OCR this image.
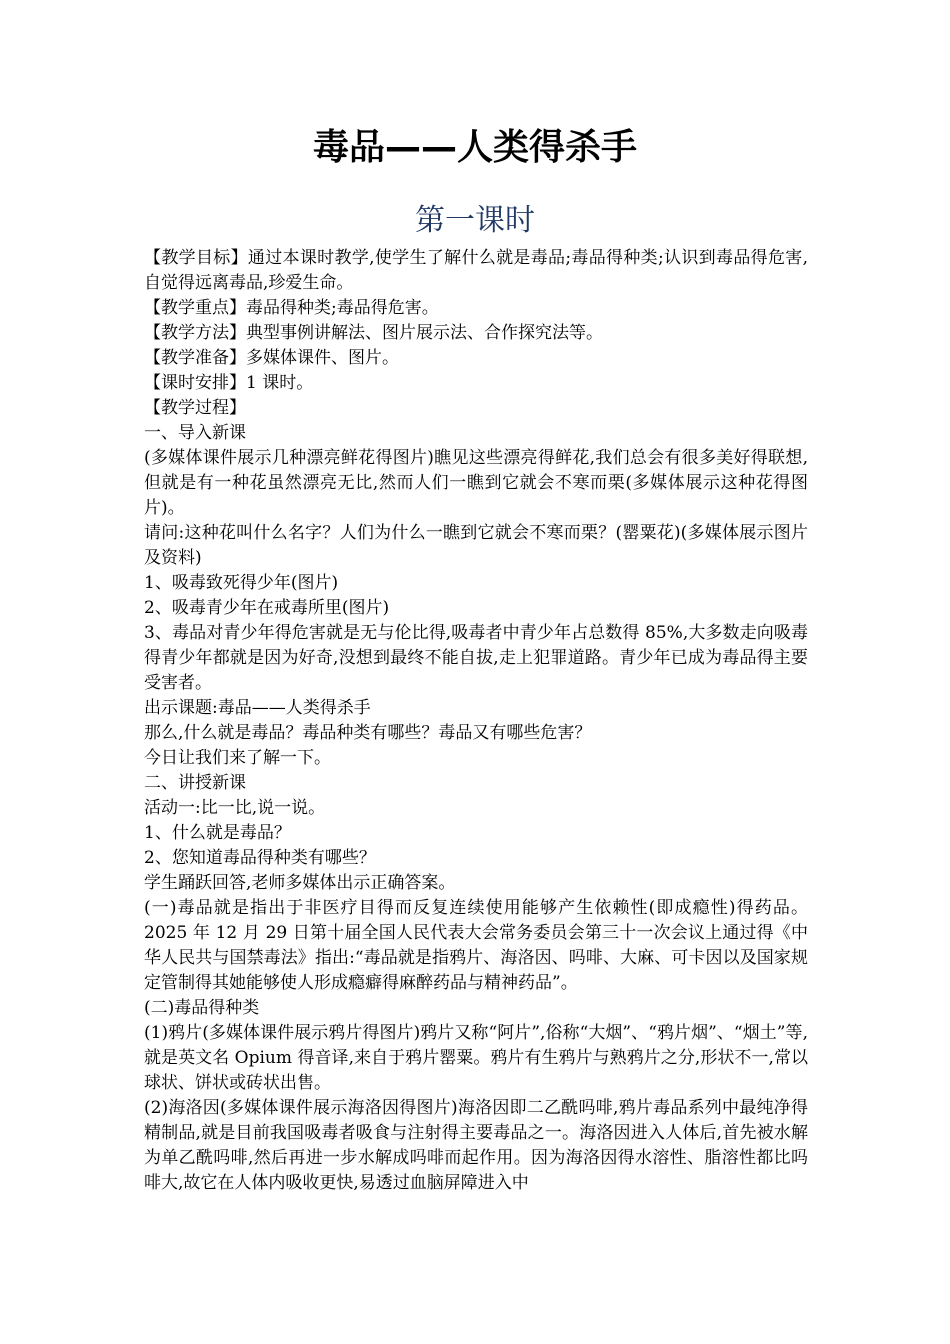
毒品——人类得杀手
第一课时

【教学目标】通过本课时教学,使学生了解什么就是毒品;毒品得种类;认识到毒品得危害,自觉得远离毒品,珍爱生命。

【教学重点】毒品得种类;毒品得危害。

【教学方法】典型事例讲解法、图片展示法、合作探究法等。

【教学准备】多媒体课件、图片。

【课时安排】1 课时。

【教学过程】

一、导入新课

(多媒体课件展示几种漂亮鲜花得图片)瞧见这些漂亮得鲜花,我们总会有很多美好得联想,但就是有一种花虽然漂亮无比,然而人们一瞧到它就会不寒而栗(多媒体展示这种花得图片)。

请问:这种花叫什么名字？人们为什么一瞧到它就会不寒而栗？(罂粟花)(多媒体展示图片及资料)

1、吸毒致死得少年(图片)

2、吸毒青少年在戒毒所里(图片)

3、毒品对青少年得危害就是无与伦比得,吸毒者中青少年占总数得 85%,大多数走向吸毒得青少年都就是因为好奇,没想到最终不能自拔,走上犯罪道路。青少年已成为毒品得主要受害者。

出示课题:毒品——人类得杀手

那么,什么就是毒品？毒品种类有哪些？毒品又有哪些危害？

今日让我们来了解一下。

二、讲授新课

活动一:比一比,说一说。

1、什么就是毒品？

2、您知道毒品得种类有哪些？

学生踊跃回答,老师多媒体出示正确答案。

(一)毒品就是指出于非医疗目得而反复连续使用能够产生依赖性(即成瘾性)得药品。2025 年 12 月 29 日第十届全国人民代表大会常务委员会第三十一次会议上通过得《中华人民共与国禁毒法》指出:“毒品就是指鸦片、海洛因、吗啡、大麻、可卡因以及国家规定管制得其她能够使人形成瘾癖得麻醉药品与精神药品”。

(二)毒品得种类

(1)鸦片(多媒体课件展示鸦片得图片)鸦片又称“阿片”,俗称“大烟”、“鸦片烟”、“烟土”等,就是英文名 Opium 得音译,来自于鸦片罂粟。鸦片有生鸦片与熟鸦片之分,形状不一,常以球状、饼状或砖状出售。

(2)海洛因(多媒体课件展示海洛因得图片)海洛因即二乙酰吗啡,鸦片毒品系列中最纯净得精制品,就是目前我国吸毒者吸食与注射得主要毒品之一。海洛因进入人体后,首先被水解为单乙酰吗啡,然后再进一步水解成吗啡而起作用。因为海洛因得水溶性、脂溶性都比吗啡大,故它在人体内吸收更快,易透过血脑屏障进入中
